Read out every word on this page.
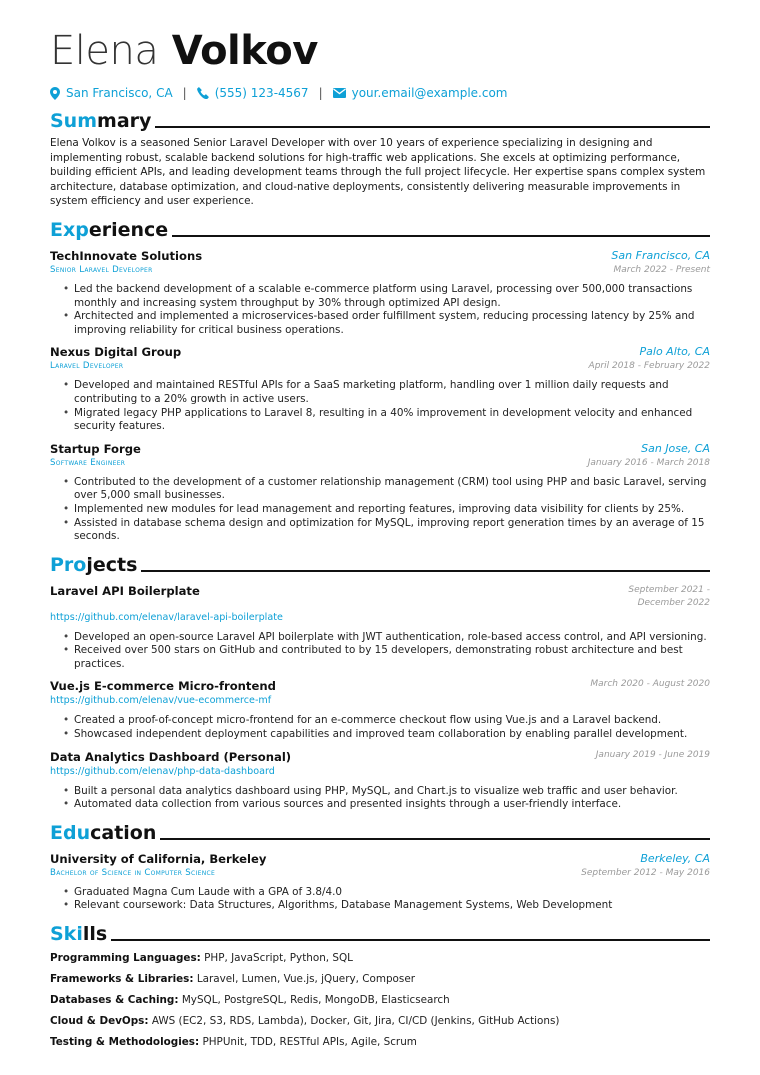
Elena Volkov
San Francisco, CA | (555) 123-4567 | your.email@example.com
Summary
Elena Volkov is a seasoned Senior Laravel Developer with over 10 years of experience specializing in designing and implementing robust, scalable backend solutions for high-traffic web applications. She excels at optimizing performance, building efficient APIs, and leading development teams through the full project lifecycle. Her expertise spans complex system architecture, database optimization, and cloud-native deployments, consistently delivering measurable improvements in system efficiency and user experience.
Experience
TechInnovate Solutions	San Francisco, CA
Senior Laravel Developer	March 2022 - Present
• Led the backend development of a scalable e-commerce platform using Laravel, processing over 500,000 transactions monthly and increasing system throughput by 30% through optimized API design.
• Architected and implemented a microservices-based order fulfillment system, reducing processing latency by 25% and improving reliability for critical business operations.
Nexus Digital Group	Palo Alto, CA
Laravel Developer	April 2018 - February 2022
• Developed and maintained RESTful APIs for a SaaS marketing platform, handling over 1 million daily requests and contributing to a 20% growth in active users.
• Migrated legacy PHP applications to Laravel 8, resulting in a 40% improvement in development velocity and enhanced security features.
Startup Forge	San Jose, CA
Software Engineer	January 2016 - March 2018
• Contributed to the development of a customer relationship management (CRM) tool using PHP and basic Laravel, serving over 5,000 small businesses.
• Implemented new modules for lead management and reporting features, improving data visibility for clients by 25%.
• Assisted in database schema design and optimization for MySQL, improving report generation times by an average of 15 seconds.
Projects
Laravel API Boilerplate	September 2021 - December 2022
https://github.com/elenav/laravel-api-boilerplate
• Developed an open-source Laravel API boilerplate with JWT authentication, role-based access control, and API versioning.
• Received over 500 stars on GitHub and contributed to by 15 developers, demonstrating robust architecture and best practices.
Vue.js E-commerce Micro-frontend	March 2020 - August 2020
https://github.com/elenav/vue-ecommerce-mf
• Created a proof-of-concept micro-frontend for an e-commerce checkout flow using Vue.js and a Laravel backend.
• Showcased independent deployment capabilities and improved team collaboration by enabling parallel development.
Data Analytics Dashboard (Personal)	January 2019 - June 2019
https://github.com/elenav/php-data-dashboard
• Built a personal data analytics dashboard using PHP, MySQL, and Chart.js to visualize web traffic and user behavior.
• Automated data collection from various sources and presented insights through a user-friendly interface.
Education
University of California, Berkeley	Berkeley, CA
Bachelor of Science in Computer Science	September 2012 - May 2016
• Graduated Magna Cum Laude with a GPA of 3.8/4.0
• Relevant coursework: Data Structures, Algorithms, Database Management Systems, Web Development
Skills
Programming Languages: PHP, JavaScript, Python, SQL
Frameworks & Libraries: Laravel, Lumen, Vue.js, jQuery, Composer
Databases & Caching: MySQL, PostgreSQL, Redis, MongoDB, Elasticsearch
Cloud & DevOps: AWS (EC2, S3, RDS, Lambda), Docker, Git, Jira, CI/CD (Jenkins, GitHub Actions)
Testing & Methodologies: PHPUnit, TDD, RESTful APIs, Agile, Scrum
